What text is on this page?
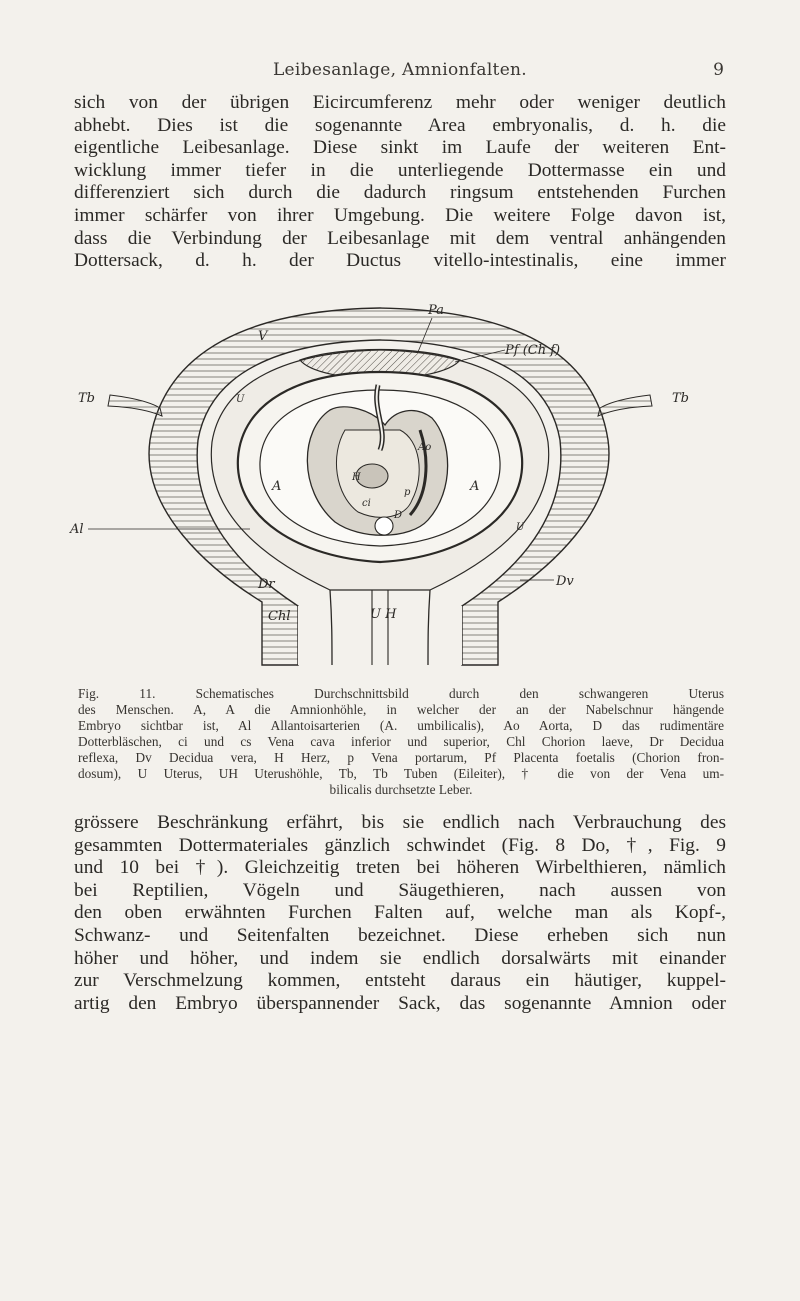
Leibesanlage, Amnionfalten.	9
sich von der übrigen Eicircumferenz mehr oder weniger deutlich
abhebt. Dies ist die sogenannte Area embryonalis, d. h. die
eigentliche Leibesanlage. Diese sinkt im Laufe der weiteren Ent-
wicklung immer tiefer in die unterliegende Dottermasse ein und
differenziert sich durch die dadurch ringsum entstehenden Furchen
immer schärfer von ihrer Umgebung. Die weitere Folge davon ist,
dass die Verbindung der Leibesanlage mit dem ventral anhängenden
Dottersack, d. h. der Ductus vitello-intestinalis, eine immer
Pa
Pf (Ch f)
V
Tb	Tb
Al
A	A
Ao
H
D
ci
p
Dr
Chl
Dv
U H
U
U
Fig. 11. Schematisches Durchschnittsbild durch den schwangeren Uterus
des Menschen. A, A die Amnionhöhle, in welcher der an der Nabelschnur hängende
Embryo sichtbar ist, Al Allantoisarterien (A. umbilicalis), Ao Aorta, D das rudimentäre
Dotterbläschen, ci und cs Vena cava inferior und superior, Chl Chorion laeve, Dr Decidua
reflexa, Dv Decidua vera, H Herz, p Vena portarum, Pf Placenta foetalis (Chorion fron-
dosum), U Uterus, UH Uterushöhle, Tb, Tb Tuben (Eileiter), † die von der Vena um-
bilicalis durchsetzte Leber.
grössere Beschränkung erfährt, bis sie endlich nach Verbrauchung des
gesammten Dottermateriales gänzlich schwindet (Fig. 8 Do, †, Fig. 9
und 10 bei †). Gleichzeitig treten bei höheren Wirbelthieren, nämlich
bei Reptilien, Vögeln und Säugethieren, nach aussen von
den oben erwähnten Furchen Falten auf, welche man als Kopf-,
Schwanz- und Seitenfalten bezeichnet. Diese erheben sich nun
höher und höher, und indem sie endlich dorsalwärts mit einander
zur Verschmelzung kommen, entsteht daraus ein häutiger, kuppel-
artig den Embryo überspannender Sack, das sogenannte Amnion oder
